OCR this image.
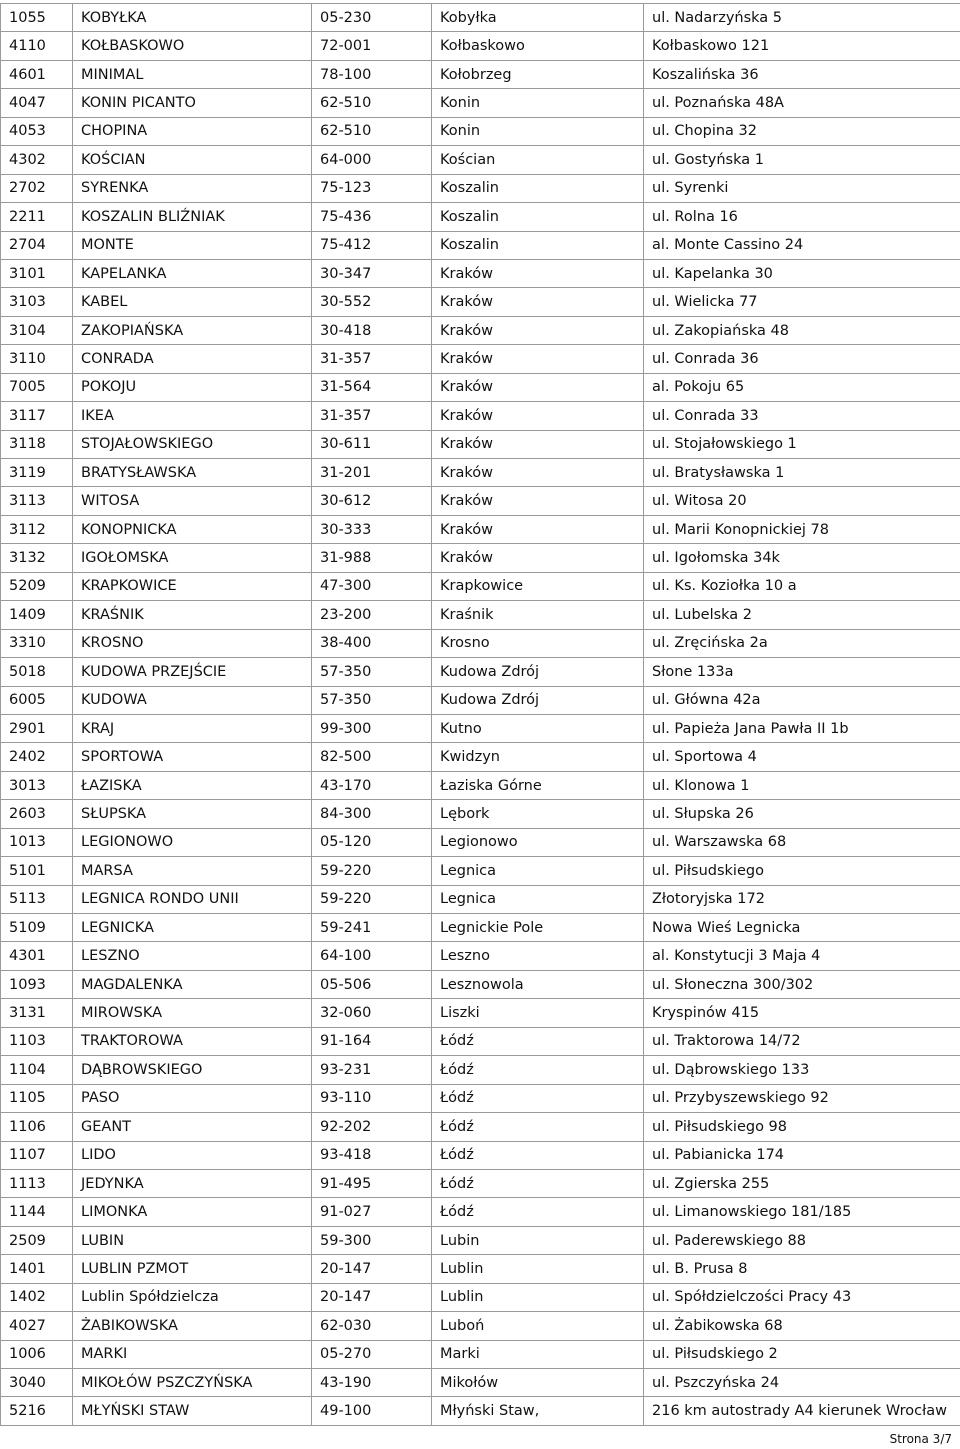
1055	KOBYŁKA	05-230	Kobyłka	ul. Nadarzyńska 5
4110	KOŁBASKOWO	72-001	Kołbaskowo	Kołbaskowo 121
4601	MINIMAL	78-100	Kołobrzeg	Koszalińska 36
4047	KONIN PICANTO	62-510	Konin	ul. Poznańska 48A
4053	CHOPINA	62-510	Konin	ul. Chopina 32
4302	KOŚCIAN	64-000	Kościan	ul. Gostyńska 1
2702	SYRENKA	75-123	Koszalin	ul. Syrenki
2211	KOSZALIN BLIŹNIAK	75-436	Koszalin	ul. Rolna 16
2704	MONTE	75-412	Koszalin	al. Monte Cassino 24
3101	KAPELANKA	30-347	Kraków	ul. Kapelanka 30
3103	KABEL	30-552	Kraków	ul. Wielicka 77
3104	ZAKOPIAŃSKA	30-418	Kraków	ul. Zakopiańska 48
3110	CONRADA	31-357	Kraków	ul. Conrada 36
7005	POKOJU	31-564	Kraków	al. Pokoju 65
3117	IKEA	31-357	Kraków	ul. Conrada 33
3118	STOJAŁOWSKIEGO	30-611	Kraków	ul. Stojałowskiego 1
3119	BRATYSŁAWSKA	31-201	Kraków	ul. Bratysławska 1
3113	WITOSA	30-612	Kraków	ul. Witosa 20
3112	KONOPNICKA	30-333	Kraków	ul. Marii Konopnickiej 78
3132	IGOŁOMSKA	31-988	Kraków	ul. Igołomska 34k
5209	KRAPKOWICE	47-300	Krapkowice	ul. Ks. Koziołka 10 a
1409	KRAŚNIK	23-200	Kraśnik	ul. Lubelska 2
3310	KROSNO	38-400	Krosno	ul. Zręcińska 2a
5018	KUDOWA PRZEJŚCIE	57-350	Kudowa Zdrój	Słone 133a
6005	KUDOWA	57-350	Kudowa Zdrój	ul. Główna 42a
2901	KRAJ	99-300	Kutno	ul. Papieża Jana Pawła II 1b
2402	SPORTOWA	82-500	Kwidzyn	ul. Sportowa 4
3013	ŁAZISKA	43-170	Łaziska Górne	ul. Klonowa 1
2603	SŁUPSKA	84-300	Lębork	ul. Słupska 26
1013	LEGIONOWO	05-120	Legionowo	ul. Warszawska 68
5101	MARSA	59-220	Legnica	ul. Piłsudskiego
5113	LEGNICA RONDO UNII	59-220	Legnica	Złotoryjska 172
5109	LEGNICKA	59-241	Legnickie Pole	Nowa Wieś Legnicka
4301	LESZNO	64-100	Leszno	al. Konstytucji 3 Maja 4
1093	MAGDALENKA	05-506	Lesznowola	ul. Słoneczna 300/302
3131	MIROWSKA	32-060	Liszki	Kryspinów 415
1103	TRAKTOROWA	91-164	Łódź	ul. Traktorowa 14/72
1104	DĄBROWSKIEGO	93-231	Łódź	ul. Dąbrowskiego 133
1105	PASO	93-110	Łódź	ul. Przybyszewskiego 92
1106	GEANT	92-202	Łódź	ul. Piłsudskiego 98
1107	LIDO	93-418	Łódź	ul. Pabianicka 174
1113	JEDYNKA	91-495	Łódź	ul. Zgierska 255
1144	LIMONKA	91-027	Łódź	ul. Limanowskiego 181/185
2509	LUBIN	59-300	Lubin	ul. Paderewskiego 88
1401	LUBLIN PZMOT	20-147	Lublin	ul. B. Prusa 8
1402	Lublin Spółdzielcza	20-147	Lublin	ul. Spółdzielczości Pracy 43
4027	ŻABIKOWSKA	62-030	Luboń	ul. Żabikowska 68
1006	MARKI	05-270	Marki	ul. Piłsudskiego 2
3040	MIKOŁÓW PSZCZYŃSKA	43-190	Mikołów	ul. Pszczyńska 24
5216	MŁYŃSKI STAW	49-100	Młyński Staw,	216 km autostrady A4 kierunek Wrocław
Strona 3/7
